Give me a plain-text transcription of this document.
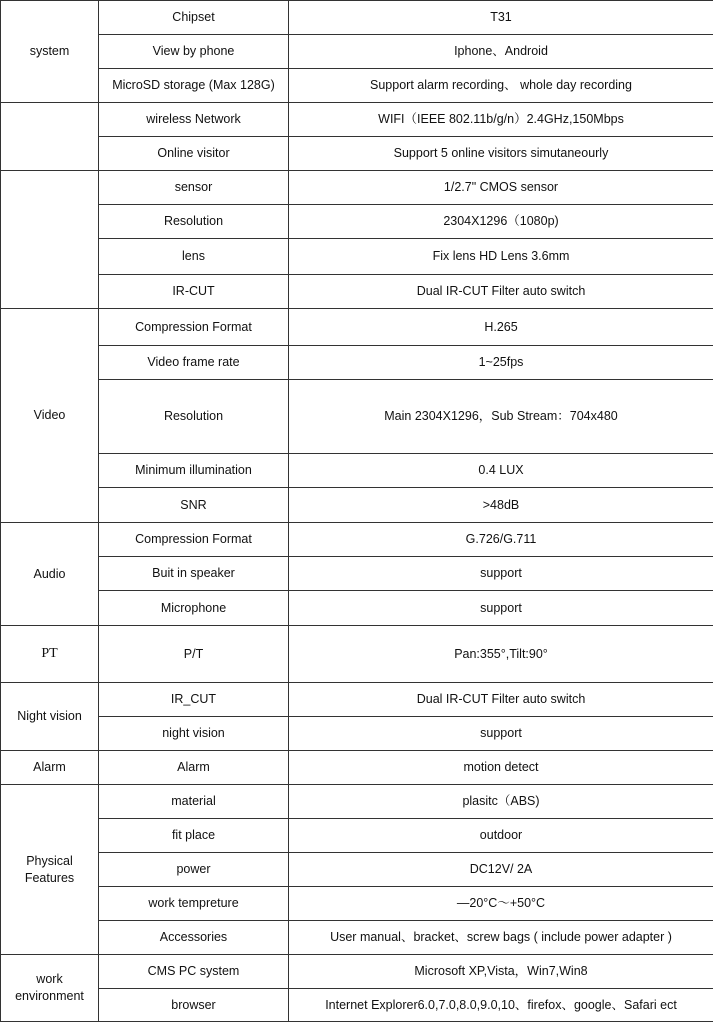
system	Chipset	T31
	View by phone	Iphone、Android
	MicroSD storage (Max 128G)	Support alarm recording、 whole day recording
	wireless Network	WIFI（IEEE 802.11b/g/n）2.4GHz,150Mbps
	Online visitor	Support 5 online visitors simutaneourly
	sensor	1/2.7" CMOS sensor
	Resolution	2304X1296（1080p)
	lens	Fix lens HD Lens 3.6mm
	IR-CUT	Dual IR-CUT Filter auto switch
Video	Compression Format	H.265
	Video frame rate	1~25fps
	Resolution	Main 2304X1296，Sub Stream：704x480
	Minimum illumination	0.4 LUX
	SNR	>48dB
Audio	Compression Format	G.726/G.711
	Buit in speaker	support
	Microphone	support
PT	P/T	Pan:355°,Tilt:90°
Night vision	IR_CUT	Dual IR-CUT Filter auto switch
	night vision	support
Alarm	Alarm	motion detect
Physical Features	material	plasitc（ABS)
	fit place	outdoor
	power	DC12V/ 2A
	work tempreture	—20°C～+50°C
	Accessories	User manual、bracket、screw bags ( include power adapter )
work environment	CMS PC system	Microsoft XP,Vista，Win7,Win8
	browser	Internet Explorer6.0,7.0,8.0,9.0,10、firefox、google、Safari ect
